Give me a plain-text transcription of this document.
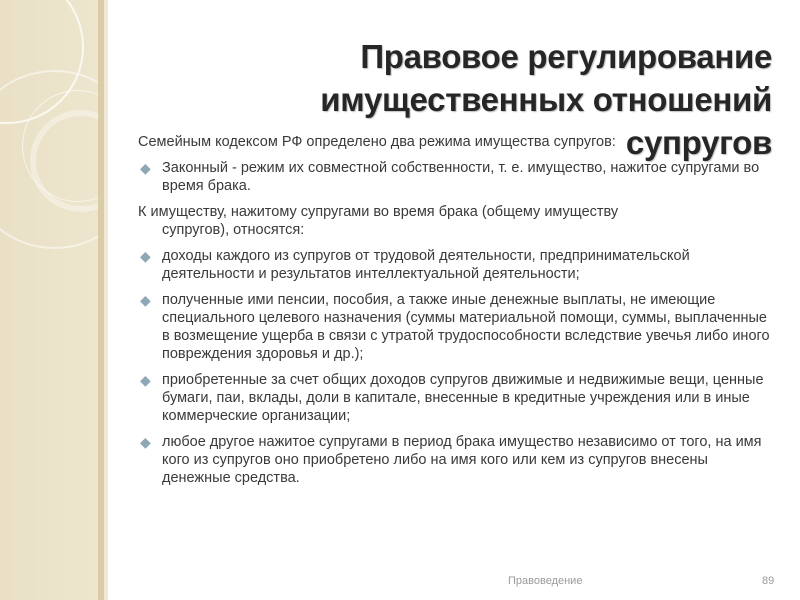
Правовое регулирование
имущественных отношений
супругов

Семейным кодексом РФ определено два режима имущества супругов:

◆ Законный - режим их совместной собственности, т. е. имущество, нажитое супругами во время брака.

К имуществу, нажитому супругами во время брака (общему имуществу
супругов), относятся:

◆ доходы каждого из супругов от трудовой деятельности, предпринимательской деятельности и результатов интеллектуальной деятельности;

◆ полученные ими пенсии, пособия, а также иные денежные выплаты, не имеющие специального целевого назначения (суммы материальной помощи, суммы, выплаченные в возмещение ущерба в связи с утратой трудоспособности вследствие увечья либо иного повреждения здоровья и др.);

◆ приобретенные за счет общих доходов супругов движимые и недвижимые вещи, ценные бумаги, паи, вклады, доли в капитале, внесенные в кредитные учреждения или в иные коммерческие организации;

◆ любое другое нажитое супругами в период брака имущество независимо от того, на имя кого из супругов оно приобретено либо на имя кого или кем из супругов внесены денежные средства.

Правоведение	89
